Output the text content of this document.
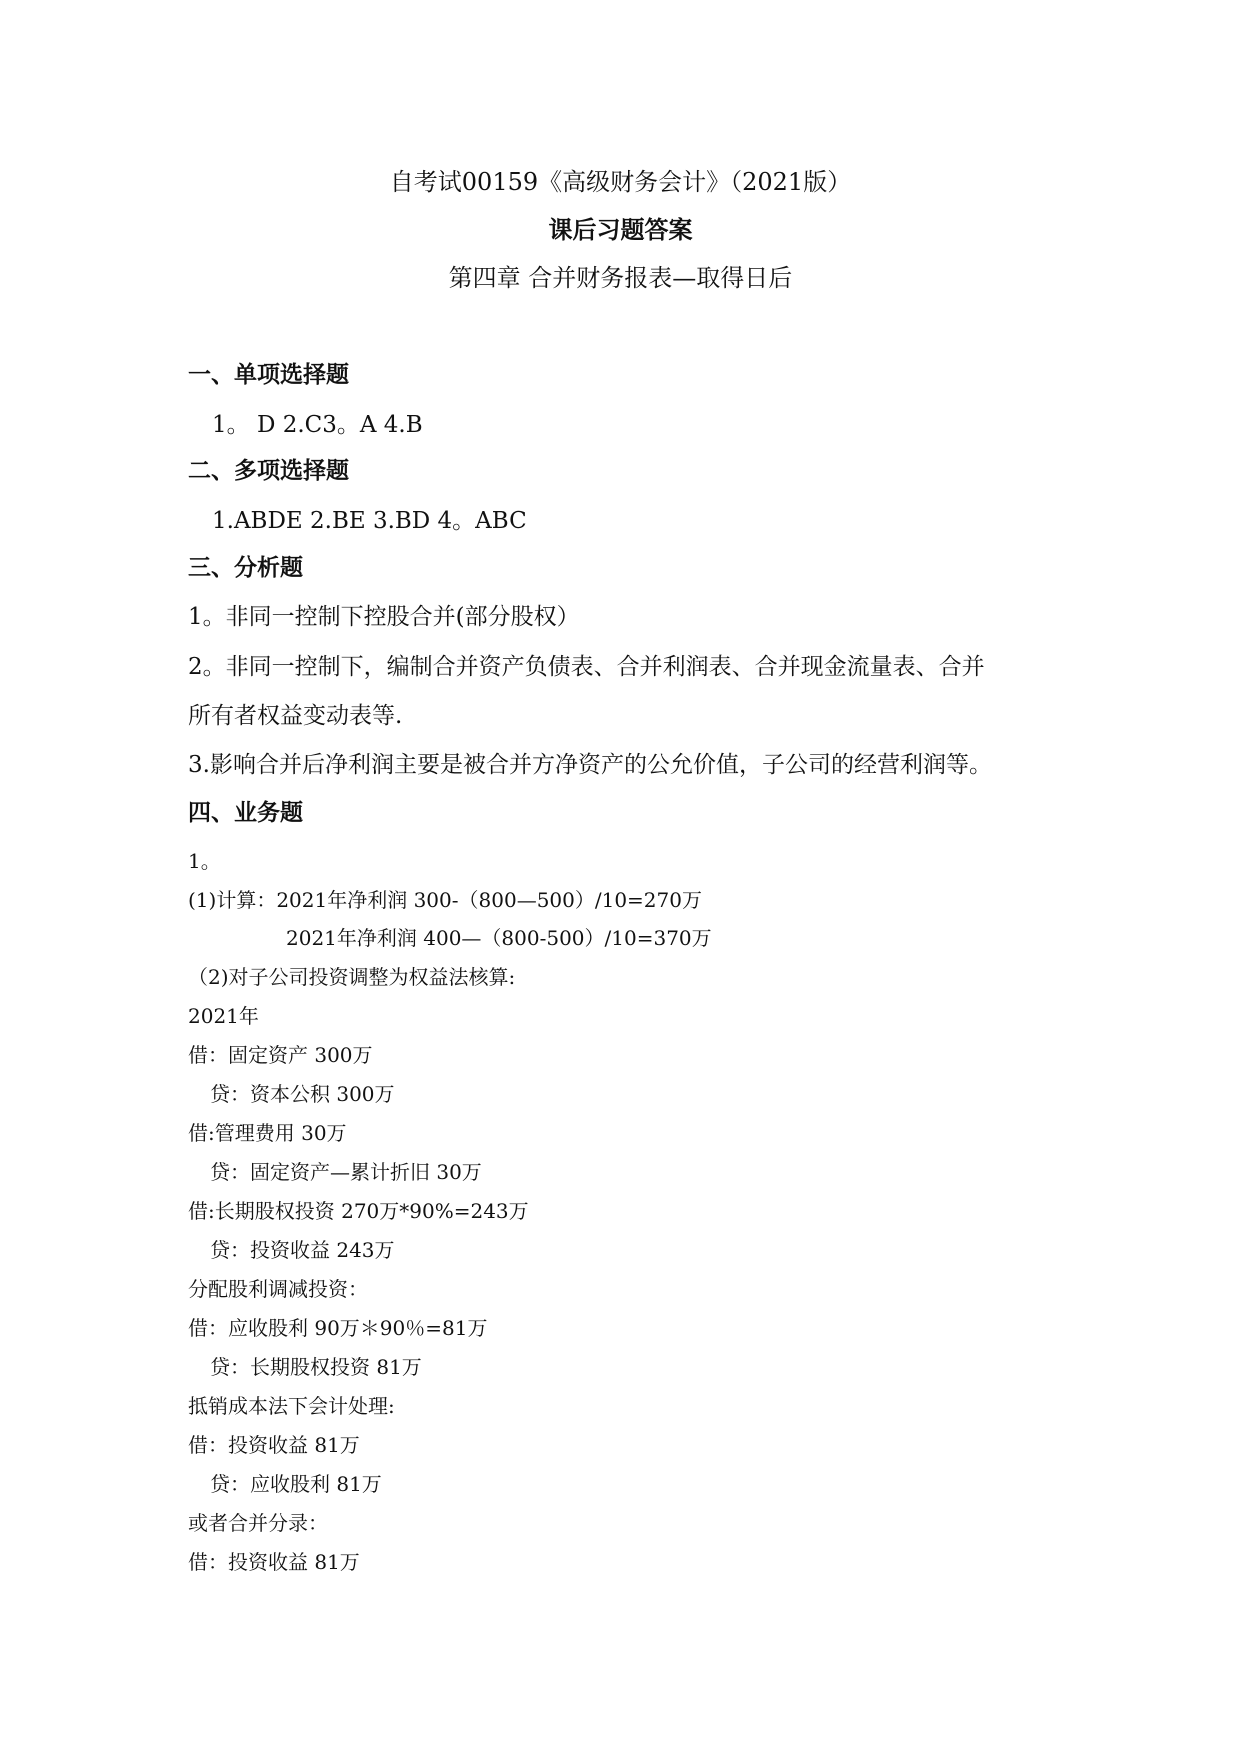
自考试00159《高级财务会计》（2021版）
课后习题答案
第四章 合并财务报表—取得日后
一、单项选择题
1。 D 2.C3。A 4.B
二、多项选择题
1.ABDE 2.BE 3.BD 4。ABC
三、分析题
1。非同一控制下控股合并(部分股权）
2。非同一控制下，编制合并资产负债表、合并利润表、合并现金流量表、合并
所有者权益变动表等.
3.影响合并后净利润主要是被合并方净资产的公允价值，子公司的经营利润等。
四、业务题
1。
(1)计算：2021年净利润 300-（800—500）/10=270万
2021年净利润 400—（800-500）/10=370万
（2)对子公司投资调整为权益法核算:
2021年
借：固定资产 300万
贷：资本公积 300万
借:管理费用 30万
贷：固定资产—累计折旧 30万
借:长期股权投资 270万*90%=243万
贷：投资收益 243万
分配股利调减投资：
借：应收股利 90万＊90％=81万
贷：长期股权投资 81万
抵销成本法下会计处理:
借：投资收益 81万
贷：应收股利 81万
或者合并分录：
借：投资收益 81万
